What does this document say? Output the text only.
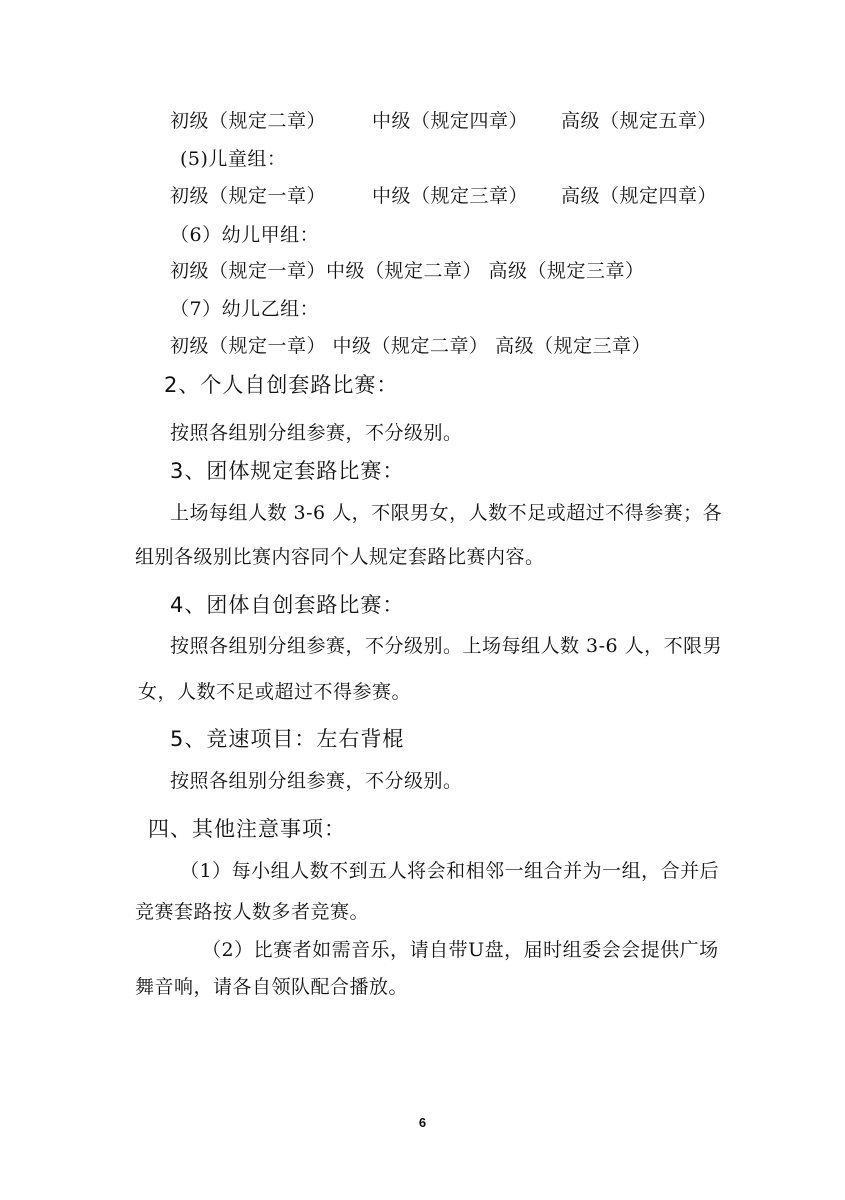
初级（规定二章） 中级（规定四章） 高级（规定五章）
(5)儿童组：
初级（规定一章） 中级（规定三章） 高级（规定四章）
（6）幼儿甲组：
初级（规定一章）中级（规定二章） 高级（规定三章）
（7）幼儿乙组：
初级（规定一章） 中级（规定二章） 高级（规定三章）
2、个人自创套路比赛：
按照各组别分组参赛，不分级别。
3、团体规定套路比赛：
上场每组人数 3-6 人，不限男女，人数不足或超过不得参赛；各
组别各级别比赛内容同个人规定套路比赛内容。
4、团体自创套路比赛：
按照各组别分组参赛，不分级别。上场每组人数 3-6 人，不限男
女，人数不足或超过不得参赛。
5、竞速项目：左右背棍
按照各组别分组参赛，不分级别。
四、其他注意事项：
（1）每小组人数不到五人将会和相邻一组合并为一组，合并后
竞赛套路按人数多者竞赛。
（2）比赛者如需音乐，请自带U盘，届时组委会会提供广场
舞音响，请各自领队配合播放。
6
